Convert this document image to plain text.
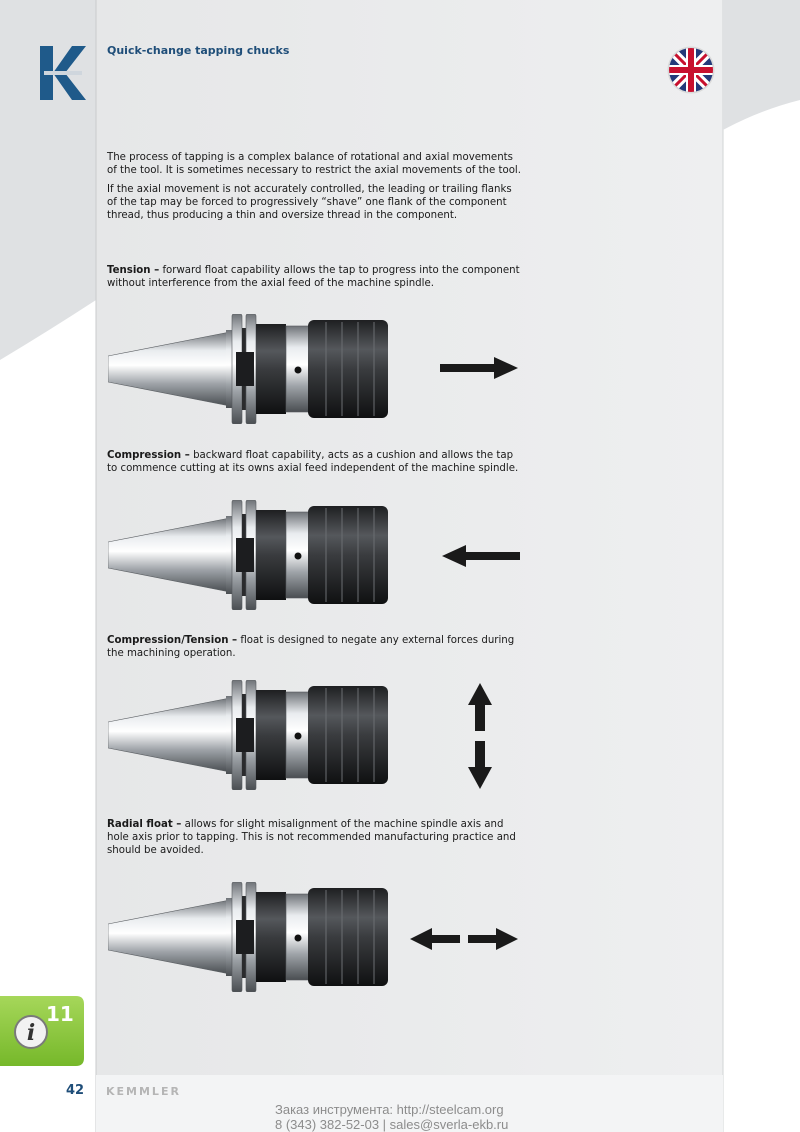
Quick-change tapping chucks

The process of tapping is a complex balance of rotational and axial movements of the tool. It is sometimes necessary to restrict the axial movements of the tool.

If the axial movement is not accurately controlled, the leading or trailing flanks of the tap may be forced to progressively “shave” one flank of the component thread, thus producing a thin and oversize thread in the component.

Tension – forward float capability allows the tap to progress into the component without interference from the axial feed of the machine spindle.

Compression – backward float capability, acts as a cushion and allows the tap to commence cutting at its owns axial feed independent of the machine spindle.

Compression/Tension – float is designed to negate any external forces during the machining operation.

Radial float – allows for slight misalignment of the machine spindle axis and hole axis prior to tapping. This is not recommended manufacturing practice and should be avoided.

i
11
42 KEMMLER
Заказ инструмента: http://steelcam.org
8 (343) 382-52-03 | sales@sverla-ekb.ru
